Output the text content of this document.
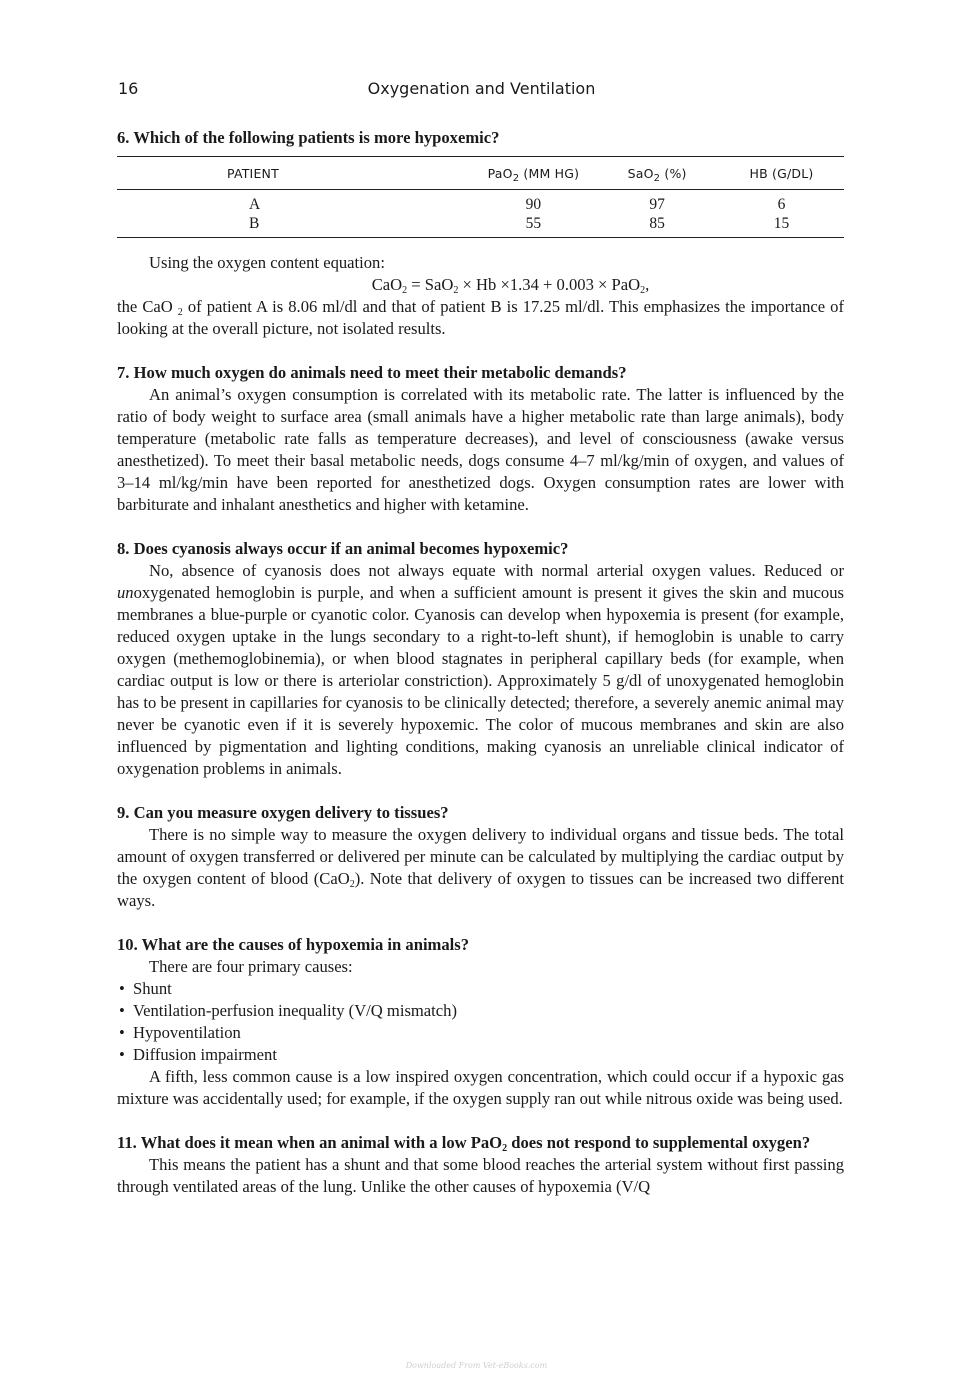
16	Oxygenation and Ventilation
6. Which of the following patients is more hypoxemic?
PATIENT	PaO$_2$ (MM HG)	SaO$_2$ (%)	HB (G/DL)
A	90	97	6
B	55	85	15

Using the oxygen content equation:

CaO$_2$ = SaO$_2$ × Hb ×1.34 + 0.003 × PaO$_2$,

the CaO $_2$ of patient A is 8.06 ml/dl and that of patient B is 17.25 ml/dl. This emphasizes the importance of looking at the overall picture, not isolated results.

7. How much oxygen do animals need to meet their metabolic demands?

An animal’s oxygen consumption is correlated with its metabolic rate. The latter is influenced by the ratio of body weight to surface area (small animals have a higher metabolic rate than large animals), body temperature (metabolic rate falls as temperature decreases), and level of consciousness (awake versus anesthetized). To meet their basal metabolic needs, dogs consume 4–7 ml/kg/min of oxygen, and values of 3–14 ml/kg/min have been reported for anesthetized dogs. Oxygen consumption rates are lower with barbiturate and inhalant anesthetics and higher with ketamine.

8. Does cyanosis always occur if an animal becomes hypoxemic?

No, absence of cyanosis does not always equate with normal arterial oxygen values. Reduced or unoxygenated hemoglobin is purple, and when a sufficient amount is present it gives the skin and mucous membranes a blue-purple or cyanotic color. Cyanosis can develop when hypoxemia is present (for example, reduced oxygen uptake in the lungs secondary to a right-to-left shunt), if hemoglobin is unable to carry oxygen (methemoglobinemia), or when blood stagnates in peripheral capillary beds (for example, when cardiac output is low or there is arteriolar constriction). Approximately 5 g/dl of unoxygenated hemoglobin has to be present in capillaries for cyanosis to be clinically detected; therefore, a severely anemic animal may never be cyanotic even if it is severely hypoxemic. The color of mucous membranes and skin are also influenced by pigmentation and lighting conditions, making cyanosis an unreliable clinical indicator of oxygenation problems in animals.

9. Can you measure oxygen delivery to tissues?

There is no simple way to measure the oxygen delivery to individual organs and tissue beds. The total amount of oxygen transferred or delivered per minute can be calculated by multiplying the cardiac output by the oxygen content of blood (CaO$_2$). Note that delivery of oxygen to tissues can be increased two different ways.

10. What are the causes of hypoxemia in animals?

There are four primary causes:

• Shunt
• Ventilation-perfusion inequality (V/Q mismatch)
• Hypoventilation
• Diffusion impairment

A fifth, less common cause is a low inspired oxygen concentration, which could occur if a hypoxic gas mixture was accidentally used; for example, if the oxygen supply ran out while nitrous oxide was being used.

11. What does it mean when an animal with a low PaO$_2$ does not respond to supplemental oxygen?

This means the patient has a shunt and that some blood reaches the arterial system without first passing through ventilated areas of the lung. Unlike the other causes of hypoxemia (V/Q

Downloaded From Vet-eBooks.com
